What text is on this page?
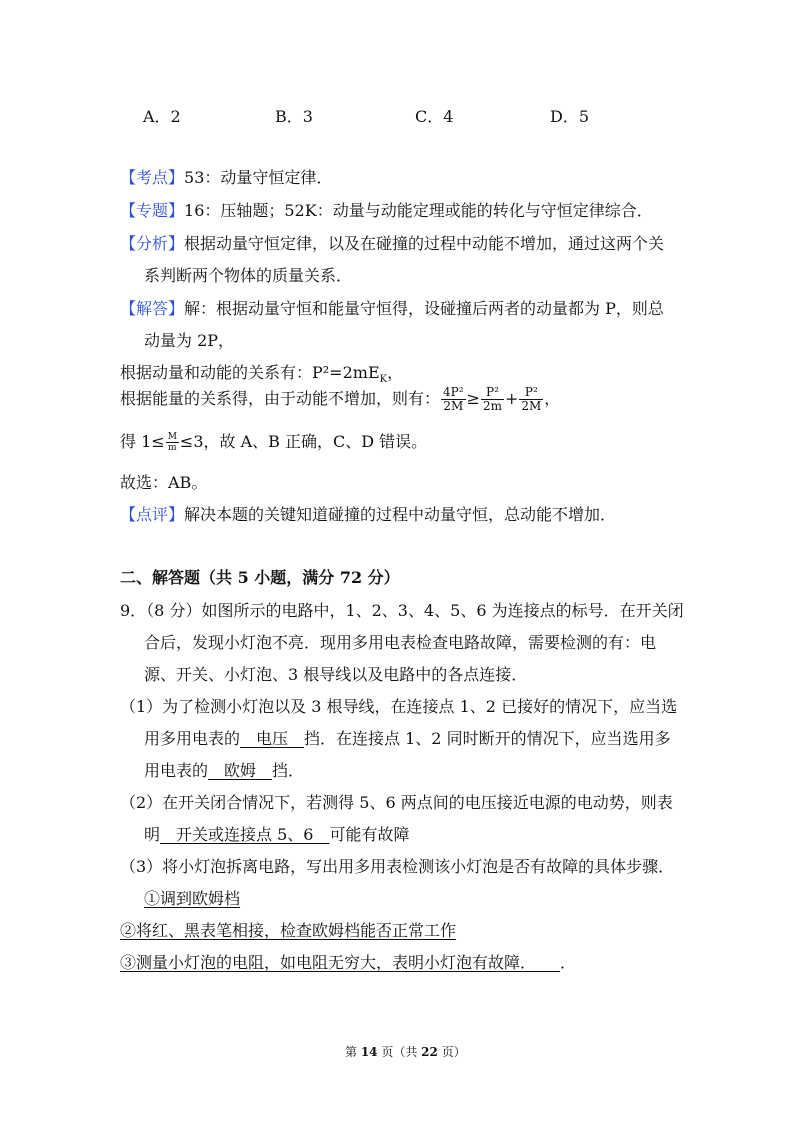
A．2	B．3	C．4	D．5
【考点】53：动量守恒定律．
【专题】16：压轴题；52K：动量与动能定理或能的转化与守恒定律综合．
【分析】根据动量守恒定律，以及在碰撞的过程中动能不增加，通过这两个关
系判断两个物体的质量关系．
【解答】解：根据动量守恒和能量守恒得，设碰撞后两者的动量都为 P，则总
动量为 2P，
根据动量和动能的关系有：$P^2=2mE_K$，
根据能量的关系得，由于动能不增加，则有： $\frac{\text{4P²}}{2M} \ge \frac{\text{P²}}{2m} + \frac{\text{P²}}{2M}$ ，
得 $1\le \frac{M}{m} \le 3$，故 A、B 正确，C、D 错误。
故选：AB。
【点评】解决本题的关键知道碰撞的过程中动量守恒，总动能不增加．
二、解答题（共 5 小题，满分 72 分）
9．（8 分）如图所示的电路中，1、2、3、4、5、6 为连接点的标号．在开关闭
合后，发现小灯泡不亮．现用多用电表检查电路故障，需要检测的有：电
源、开关、小灯泡、3 根导线以及电路中的各点连接．
（1）为了检测小灯泡以及 3 根导线，在连接点 1、2 已接好的情况下，应当选
用多用电表的　电压　挡．在连接点 1、2 同时断开的情况下，应当选用多
用电表的　欧姆　挡．
（2）在开关闭合情况下，若测得 5、6 两点间的电压接近电源的电动势，则表
明　开关或连接点 5、6　可能有故障
（3）将小灯泡拆离电路，写出用多用表检测该小灯泡是否有故障的具体步骤．
①调到欧姆档
②将红、黑表笔相接，检查欧姆档能否正常工作
③测量小灯泡的电阻，如电阻无穷大，表明小灯泡有故障．　　 ．
第 14 页（共 22 页）
